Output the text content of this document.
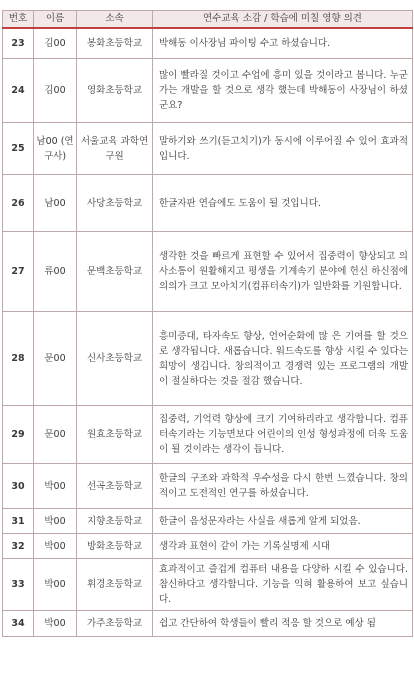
번호	이름	소속	연수교육 소감 / 학습에 미칠 영향 의견
23	김00	봉화초등학교	박해동 이사장님 파이팅 수고 하셨습니다.
24	김00	영화초등학교	많이 빨라질 것이고 수업에 흥미 있을 것이라고 봅니다. 누군가는 개발을 할 것으로 생각 했는데 박해동이 사장님이 하셨군요?
25	남00 (연구사)	서울교육 과학연구원	말하기와 쓰기(듣고치기)가 동시에 이루어질 수 있어 효과적입니다.
26	남00	사당초등학교	한글자판 연습에도 도움이 될 것입니다.
27	류00	문백초등학교	생각한 것을 빠르게 표현할 수 있어서 집중력이 향상되고 의사소통이 원활해지고 평생을 기계속기 분야에 헌신 하신점에 의의가 크고 모아치기(컴퓨터속기)가 일반화를 기원합니다.
28	문00	신사초등학교	흥미증대, 타자속도 향상, 언어순화에 많 은 기여를 할 것으로 생각됩니다. 새롭습니다. 워드속도를 향상 시킬 수 있다는 희망이 생깁니다. 창의적이고 경쟁력 있는 프로그램의 개발이 절실하다는 것을 절감 했습니다.
29	문00	원효초등학교	집중력, 기억력 향상에 크기 기여하리라고 생각합니다. 컴퓨터속기라는 기능면보다 어린이의 인성 형성과정에 더욱 도움이 될 것이라는 생각이 듭니다.
30	박00	선곡초등학교	한글의 구조와 과학적 우수성을 다시 한번 느꼈습니다. 창의적이고 도전적인 연구를 하셨습니다.
31	박00	지향초등학교	한글이 음성문자라는 사실을 새롭게 알게 되었음.
32	박00	방화초등학교	생각과 표현이 같이 가는 기록실명제 시대
33	박00	휘경초등학교	효과적이고 즐겁게 컴퓨터 내용을 다양하 시킬 수 있습니다. 참신하다고 생각합니다. 기능을 익혀 활용하여 보고 싶습니다.
34	박00	가주초등학교	쉽고 간단하여 학생들이 빨리 적응 할 것으로 예상 됨
